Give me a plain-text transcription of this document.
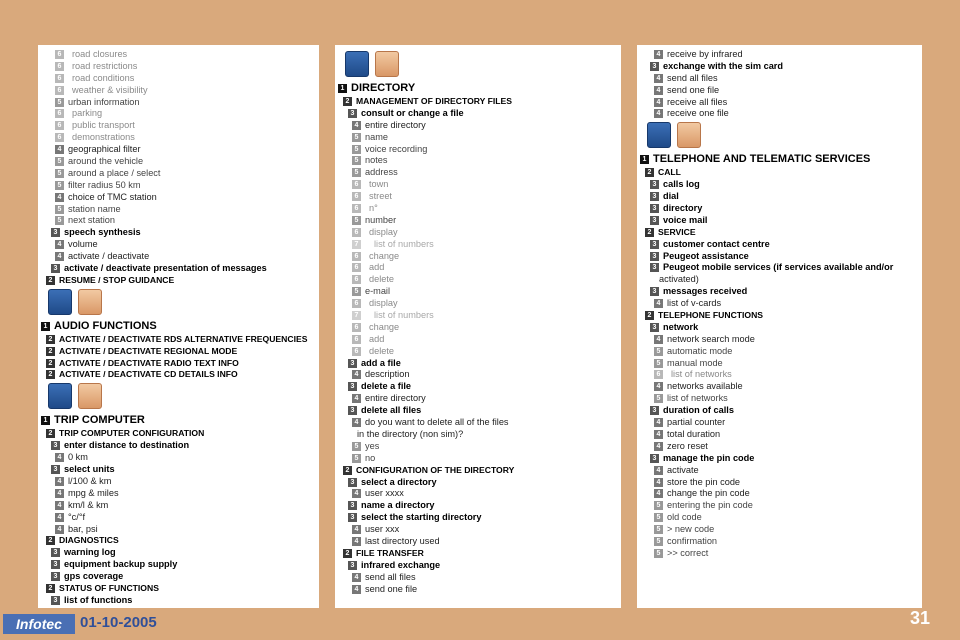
6	road closures
6	road restrictions
6	road conditions
6	weather & visibility
5 urban information
6	parking
6	public transport
6	demonstrations
4 geographical filter
5 around the vehicle
5 around a place / select
5 filter radius 50 km
4 choice of TMC station
5 station name
5 next station
3 speech synthesis
4 volume
4 activate / deactivate
3 activate / deactivate presentation of messages
2 RESUME / STOP GUIDANCE
1 AUDIO FUNCTIONS
2 ACTIVATE / DEACTIVATE RDS ALTERNATIVE FREQUENCIES
2 ACTIVATE / DEACTIVATE REGIONAL MODE
2 ACTIVATE / DEACTIVATE RADIO TEXT INFO
2 ACTIVATE / DEACTIVATE CD DETAILS INFO
1 TRIP COMPUTER
2 TRIP COMPUTER CONFIGURATION
3 enter distance to destination
4 0 km
3 select units
4 l/100 & km
4 mpg & miles
4 km/l & km
4 °c/°f
4 bar, psi
2 DIAGNOSTICS
3 warning log
3 equipment backup supply
3 gps coverage
2 STATUS OF FUNCTIONS
3 list of functions
1 DIRECTORY
2 MANAGEMENT OF DIRECTORY FILES
3 consult or change a file
4 entire directory
5 name
5 voice recording
5 notes
5 address
6	town
6	street
6	n°
5 number
6	display
7	list of numbers
6	change
6	add
6	delete
5 e-mail
6	display
7	list of numbers
6	change
6	add
6	delete
3 add a file
4 description
3 delete a file
4 entire directory
3 delete all files
4 do you want to delete all of the files
in the directory (non sim)?
5 yes
5 no
2 CONFIGURATION OF THE DIRECTORY
3 select a directory
4 user xxxx
3 name a directory
3 select the starting directory
4 user xxx
4 last directory used
2 FILE TRANSFER
3 infrared exchange
4 send all files
4 send one file
4 receive by infrared
3 exchange with the sim card
4 send all files
4 send one file
4 receive all files
4 receive one file
1 TELEPHONE AND TELEMATIC SERVICES
2 CALL
3 calls log
3 dial
3 directory
3 voice mail
2 SERVICE
3 customer contact centre
3 Peugeot assistance
3 Peugeot mobile services (if services available and/or
activated)
3 messages received
4 list of v-cards
2 TELEPHONE FUNCTIONS
3 network
4 network search mode
5 automatic mode
5 manual mode
6	list of networks
4 networks available
5 list of networks
3 duration of calls
4 partial counter
4 total duration
4 zero reset
3 manage the pin code
4 activate
4 store the pin code
4 change the pin code
5 entering the pin code
5 old code
5 > new code
5 confirmation
5 >> correct
Infotec	01-10-2005	31
